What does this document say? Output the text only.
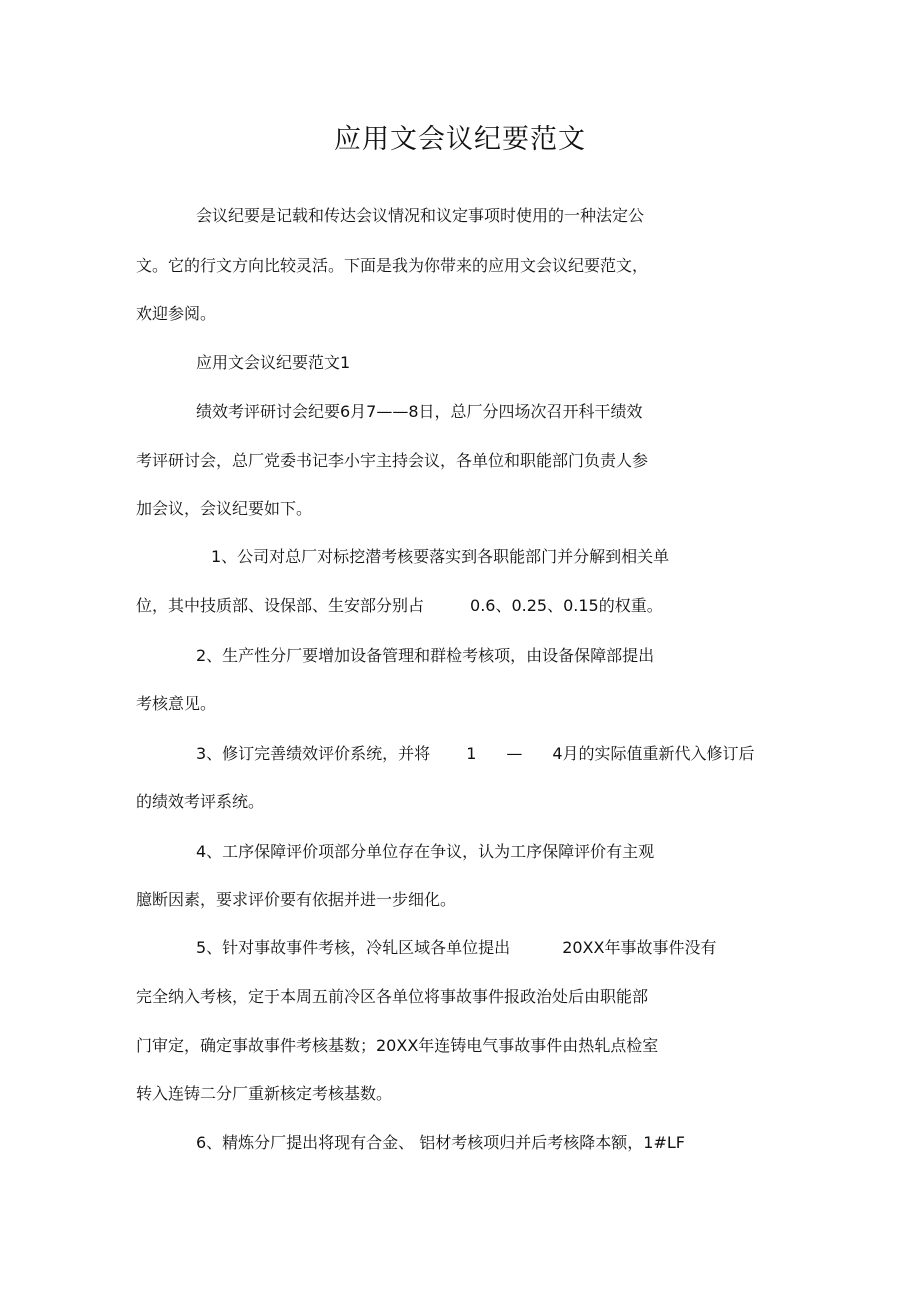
应用文会议纪要范文
会议纪要是记载和传达会议情况和议定事项时使用的一种法定公
文。它的行文方向比较灵活。下面是我为你带来的应用文会议纪要范文，
欢迎参阅。
应用文会议纪要范文1
绩效考评研讨会纪要6月7——8日，总厂分四场次召开科干绩效
考评研讨会，总厂党委书记李小宇主持会议，各单位和职能部门负责人参
加会议，会议纪要如下。
1、公司对总厂对标挖潜考核要落实到各职能部门并分解到相关单
位，其中技质部、设保部、生安部分别占	0.6、0.25、0.15的权重。
2、生产性分厂要增加设备管理和群检考核项，由设备保障部提出
考核意见。
3、修订完善绩效评价系统，并将 1 — 4月的实际值重新代入修订后
的绩效考评系统。
4、工序保障评价项部分单位存在争议，认为工序保障评价有主观
臆断因素，要求评价要有依据并进一步细化。
5、针对事故事件考核，冷轧区域各单位提出	20XX年事故事件没有
完全纳入考核，定于本周五前冷区各单位将事故事件报政治处后由职能部
门审定，确定事故事件考核基数；20XX年连铸电气事故事件由热轧点检室
转入连铸二分厂重新核定考核基数。
6、精炼分厂提出将现有合金、 铝材考核项归并后考核降本额，1#LF
